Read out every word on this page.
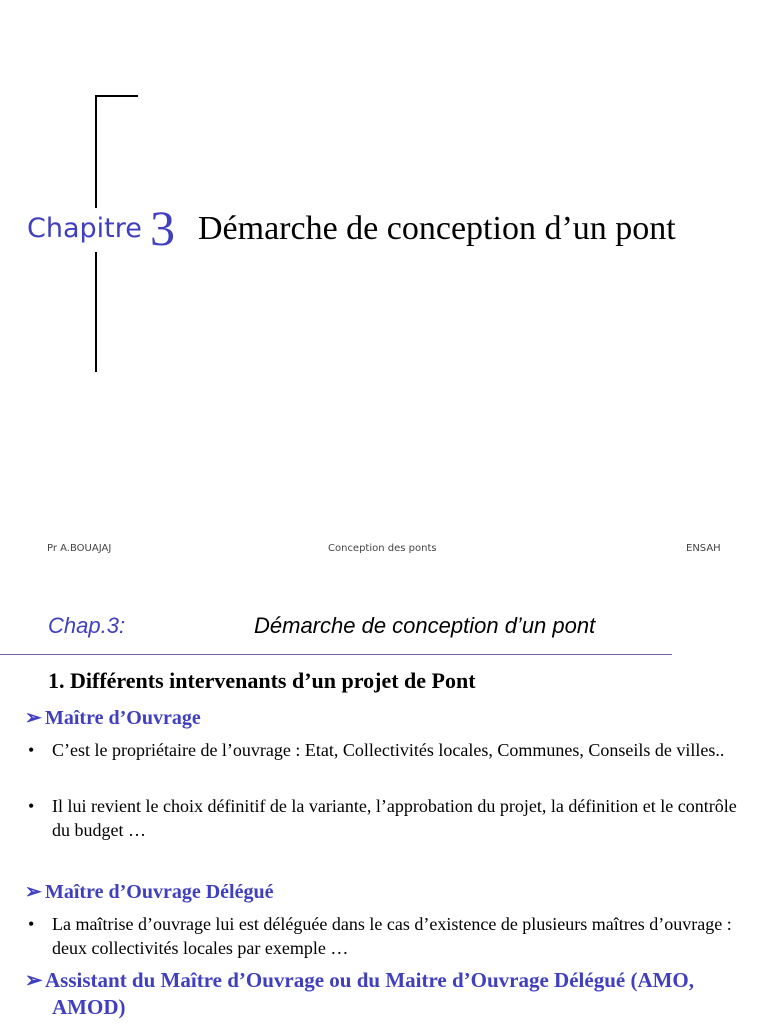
Chapitre 3 Démarche de conception d’un pont
Pr A.BOUAJAJ	Conception des ponts	ENSAH
Chap.3:	Démarche de conception d’un pont
1. Différents intervenants d’un projet de Pont
➢ Maître d’Ouvrage
• C’est le propriétaire de l’ouvrage : Etat, Collectivités locales, Communes, Conseils de villes..
• Il lui revient le choix définitif de la variante, l’approbation du projet, la définition et le contrôle du budget …
➢ Maître d’Ouvrage Délégué
• La maîtrise d’ouvrage lui est déléguée dans le cas d’existence de plusieurs maîtres d’ouvrage : deux collectivités locales par exemple …
➢ Assistant du Maître d’Ouvrage ou du Maitre d’Ouvrage Délégué (AMO,
AMOD)
